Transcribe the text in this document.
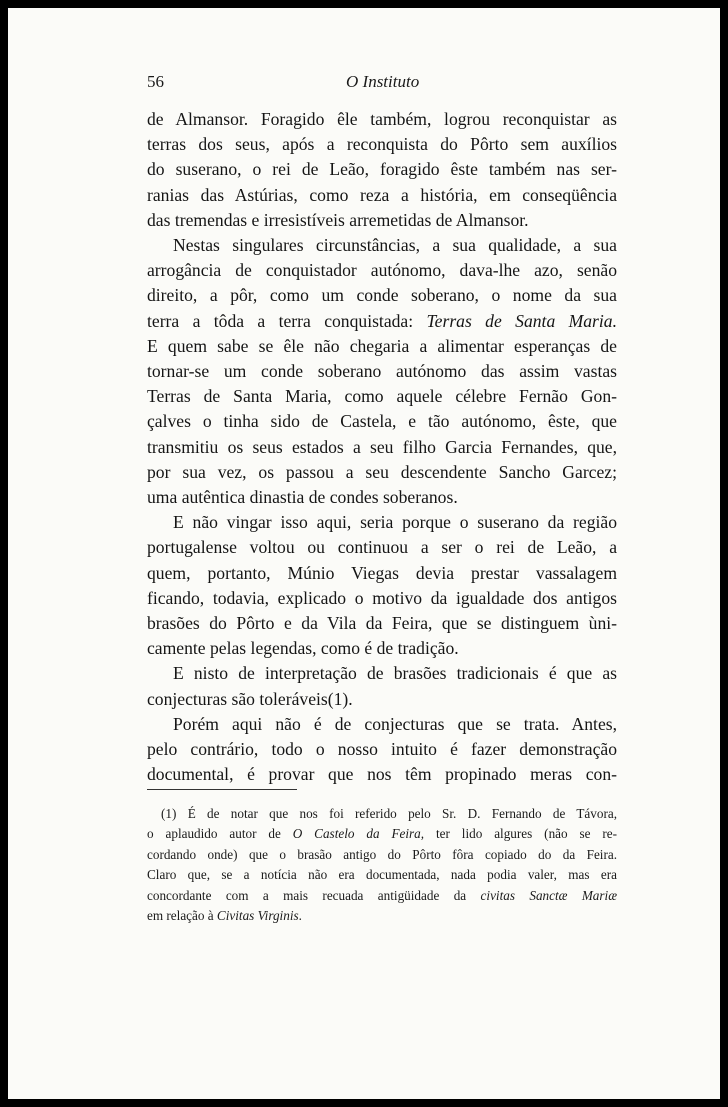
56	O Instituto

de Almansor. Foragido êle também, logrou reconquistar as

terras dos seus, após a reconquista do Pôrto sem auxílios

do suserano, o rei de Leão, foragido êste também nas ser-

ranias das Astúrias, como reza a história, em conseqüência

das tremendas e irresistíveis arremetidas de Almansor.

Nestas singulares circunstâncias, a sua qualidade, a sua

arrogância de conquistador autónomo, dava-lhe azo, senão

direito, a pôr, como um conde soberano, o nome da sua

terra a tôda a terra conquistada: Terras de Santa Maria.

E quem sabe se êle não chegaria a alimentar esperanças de

tornar-se um conde soberano autónomo das assim vastas

Terras de Santa Maria, como aquele célebre Fernão Gon-

çalves o tinha sido de Castela, e tão autónomo, êste, que

transmitiu os seus estados a seu filho Garcia Fernandes, que,

por sua vez, os passou a seu descendente Sancho Garcez;

uma autêntica dinastia de condes soberanos.

E não vingar isso aqui, seria porque o suserano da região

portugalense voltou ou continuou a ser o rei de Leão, a

quem, portanto, Múnio Viegas devia prestar vassalagem

ficando, todavia, explicado o motivo da igualdade dos antigos

brasões do Pôrto e da Vila da Feira, que se distinguem ùni-

camente pelas legendas, como é de tradição.

E nisto de interpretação de brasões tradicionais é que as

conjecturas são toleráveis(1).

Porém aqui não é de conjecturas que se trata. Antes,

pelo contrário, todo o nosso intuito é fazer demonstração

documental, é provar que nos têm propinado meras con-

(1) É de notar que nos foi referido pelo Sr. D. Fernando de Távora,

o aplaudido autor de O Castelo da Feira, ter lido algures (não se re-

cordando onde) que o brasão antigo do Pôrto fôra copiado do da Feira.

Claro que, se a notícia não era documentada, nada podia valer, mas era

concordante com a mais recuada antigüidade da civitas Sanctæ Mariæ

em relação à Civitas Virginis.
